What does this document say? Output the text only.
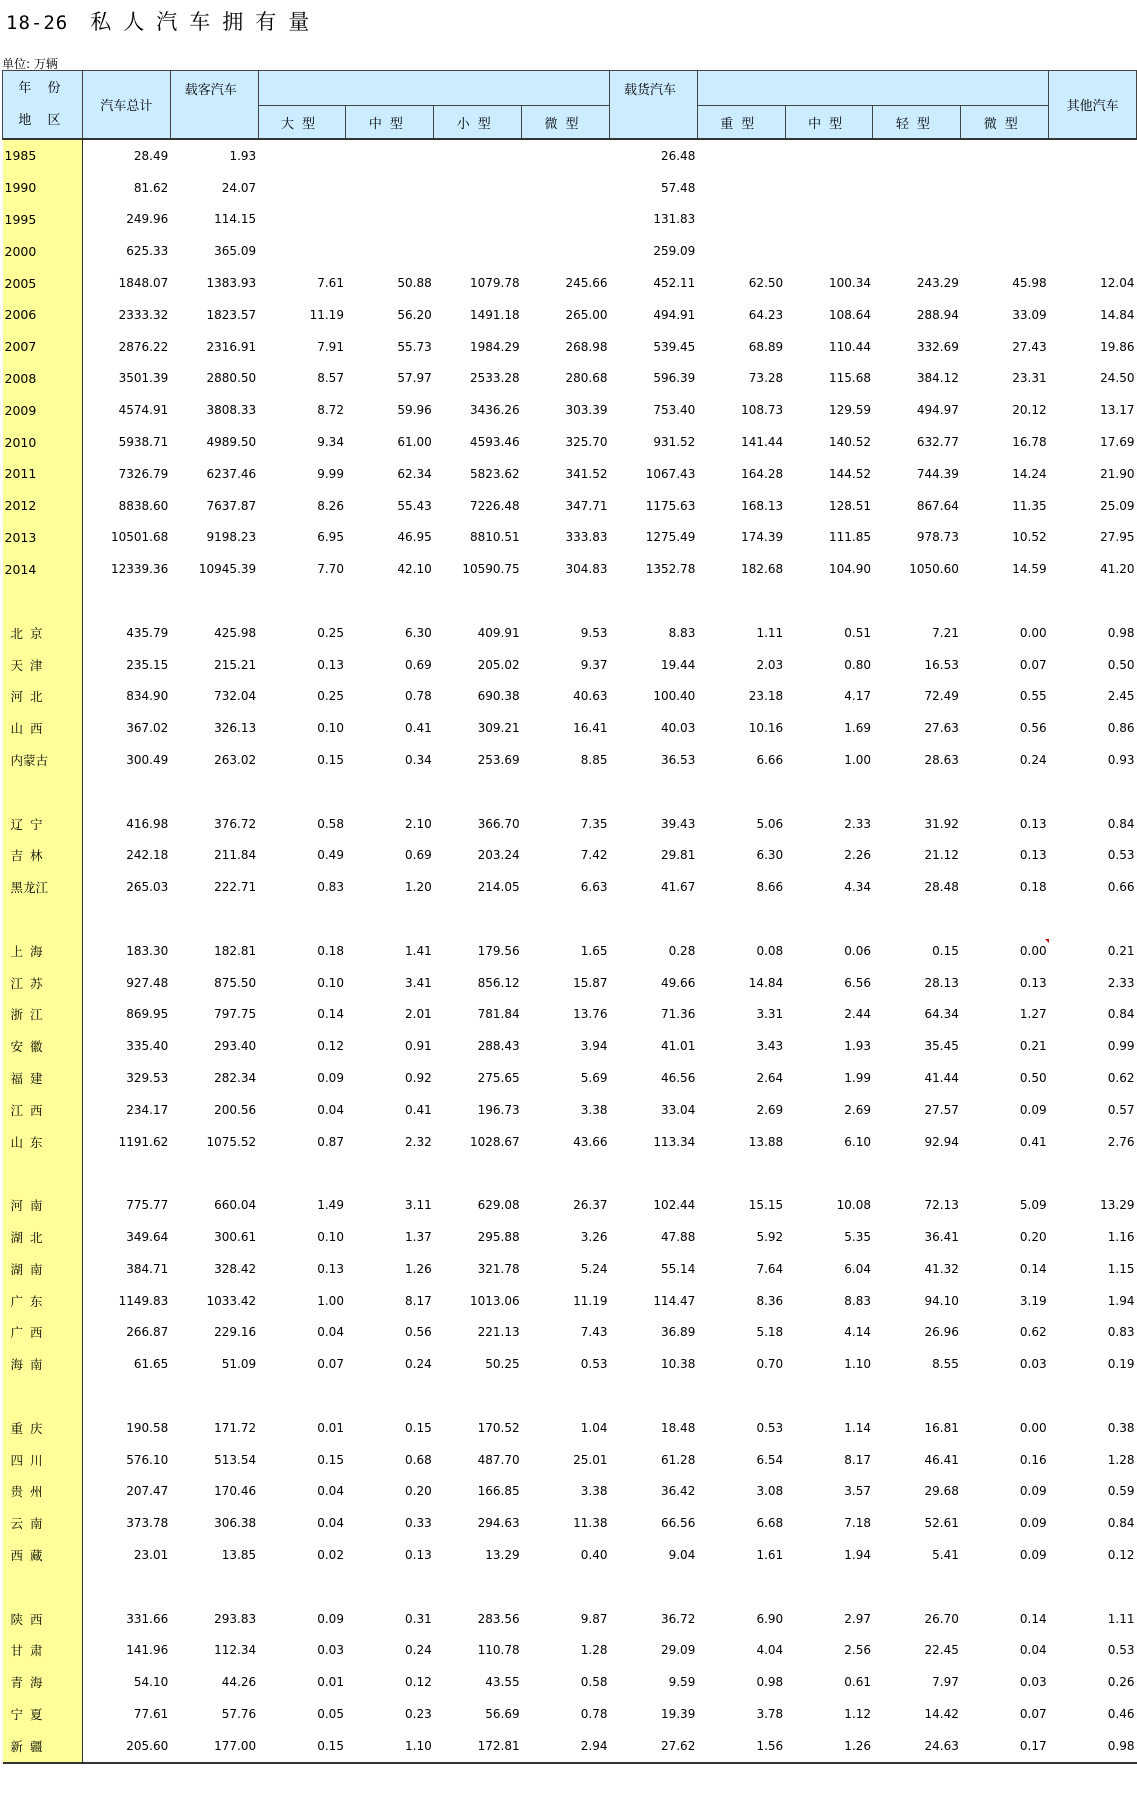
18-26 私人汽车拥有量
单位: 万辆
年 份
地 区	汽车总计	载客汽车					载货汽车					其他汽车
			大型	中型	小型	微型		重型	中型	轻型	微型	
1985	28.49	1.93					26.48					
1990	81.62	24.07					57.48					
1995	249.96	114.15					131.83					
2000	625.33	365.09					259.09					
2005	1848.07	1383.93	7.61	50.88	1079.78	245.66	452.11	62.50	100.34	243.29	45.98	12.04
2006	2333.32	1823.57	11.19	56.20	1491.18	265.00	494.91	64.23	108.64	288.94	33.09	14.84
2007	2876.22	2316.91	7.91	55.73	1984.29	268.98	539.45	68.89	110.44	332.69	27.43	19.86
2008	3501.39	2880.50	8.57	57.97	2533.28	280.68	596.39	73.28	115.68	384.12	23.31	24.50
2009	4574.91	3808.33	8.72	59.96	3436.26	303.39	753.40	108.73	129.59	494.97	20.12	13.17
2010	5938.71	4989.50	9.34	61.00	4593.46	325.70	931.52	141.44	140.52	632.77	16.78	17.69
2011	7326.79	6237.46	9.99	62.34	5823.62	341.52	1067.43	164.28	144.52	744.39	14.24	21.90
2012	8838.60	7637.87	8.26	55.43	7226.48	347.71	1175.63	168.13	128.51	867.64	11.35	25.09
2013	10501.68	9198.23	6.95	46.95	8810.51	333.83	1275.49	174.39	111.85	978.73	10.52	27.95
2014	12339.36	10945.39	7.70	42.10	10590.75	304.83	1352.78	182.68	104.90	1050.60	14.59	41.20

北京	435.79	425.98	0.25	6.30	409.91	9.53	8.83	1.11	0.51	7.21	0.00	0.98
天津	235.15	215.21	0.13	0.69	205.02	9.37	19.44	2.03	0.80	16.53	0.07	0.50
河北	834.90	732.04	0.25	0.78	690.38	40.63	100.40	23.18	4.17	72.49	0.55	2.45
山西	367.02	326.13	0.10	0.41	309.21	16.41	40.03	10.16	1.69	27.63	0.56	0.86
内蒙古	300.49	263.02	0.15	0.34	253.69	8.85	36.53	6.66	1.00	28.63	0.24	0.93

辽宁	416.98	376.72	0.58	2.10	366.70	7.35	39.43	5.06	2.33	31.92	0.13	0.84
吉林	242.18	211.84	0.49	0.69	203.24	7.42	29.81	6.30	2.26	21.12	0.13	0.53
黑龙江	265.03	222.71	0.83	1.20	214.05	6.63	41.67	8.66	4.34	28.48	0.18	0.66

上海	183.30	182.81	0.18	1.41	179.56	1.65	0.28	0.08	0.06	0.15	0.00	0.21
江苏	927.48	875.50	0.10	3.41	856.12	15.87	49.66	14.84	6.56	28.13	0.13	2.33
浙江	869.95	797.75	0.14	2.01	781.84	13.76	71.36	3.31	2.44	64.34	1.27	0.84
安徽	335.40	293.40	0.12	0.91	288.43	3.94	41.01	3.43	1.93	35.45	0.21	0.99
福建	329.53	282.34	0.09	0.92	275.65	5.69	46.56	2.64	1.99	41.44	0.50	0.62
江西	234.17	200.56	0.04	0.41	196.73	3.38	33.04	2.69	2.69	27.57	0.09	0.57
山东	1191.62	1075.52	0.87	2.32	1028.67	43.66	113.34	13.88	6.10	92.94	0.41	2.76

河南	775.77	660.04	1.49	3.11	629.08	26.37	102.44	15.15	10.08	72.13	5.09	13.29
湖北	349.64	300.61	0.10	1.37	295.88	3.26	47.88	5.92	5.35	36.41	0.20	1.16
湖南	384.71	328.42	0.13	1.26	321.78	5.24	55.14	7.64	6.04	41.32	0.14	1.15
广东	1149.83	1033.42	1.00	8.17	1013.06	11.19	114.47	8.36	8.83	94.10	3.19	1.94
广西	266.87	229.16	0.04	0.56	221.13	7.43	36.89	5.18	4.14	26.96	0.62	0.83
海南	61.65	51.09	0.07	0.24	50.25	0.53	10.38	0.70	1.10	8.55	0.03	0.19

重庆	190.58	171.72	0.01	0.15	170.52	1.04	18.48	0.53	1.14	16.81	0.00	0.38
四川	576.10	513.54	0.15	0.68	487.70	25.01	61.28	6.54	8.17	46.41	0.16	1.28
贵州	207.47	170.46	0.04	0.20	166.85	3.38	36.42	3.08	3.57	29.68	0.09	0.59
云南	373.78	306.38	0.04	0.33	294.63	11.38	66.56	6.68	7.18	52.61	0.09	0.84
西藏	23.01	13.85	0.02	0.13	13.29	0.40	9.04	1.61	1.94	5.41	0.09	0.12

陕西	331.66	293.83	0.09	0.31	283.56	9.87	36.72	6.90	2.97	26.70	0.14	1.11
甘肃	141.96	112.34	0.03	0.24	110.78	1.28	29.09	4.04	2.56	22.45	0.04	0.53
青海	54.10	44.26	0.01	0.12	43.55	0.58	9.59	0.98	0.61	7.97	0.03	0.26
宁夏	77.61	57.76	0.05	0.23	56.69	0.78	19.39	3.78	1.12	14.42	0.07	0.46
新疆	205.60	177.00	0.15	1.10	172.81	2.94	27.62	1.56	1.26	24.63	0.17	0.98
